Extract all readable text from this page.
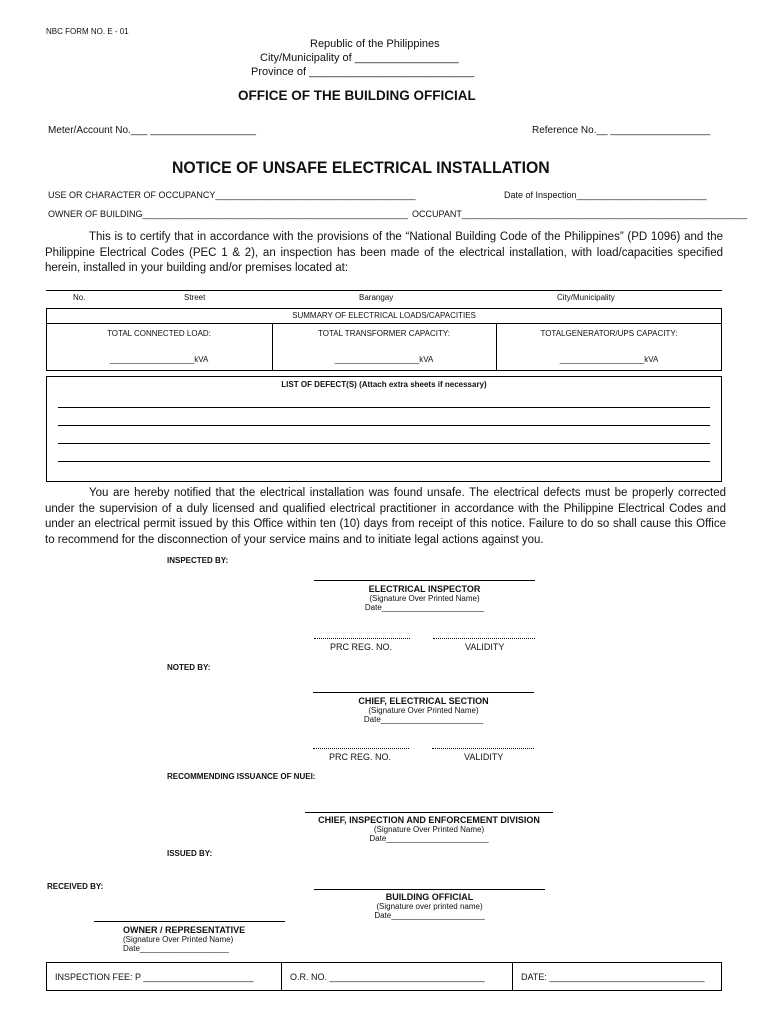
NBC FORM NO. E - 01
Republic of the Philippines
City/Municipality of _________________
Province of ___________________________
OFFICE OF THE BUILDING OFFICIAL
Meter/Account No.___ ___________________	Reference No.__ __________________
NOTICE OF UNSAFE ELECTRICAL INSTALLATION
USE OR CHARACTER OF OCCUPANCY________________________________________	Date of Inspection__________________________
OWNER OF BUILDING_____________________________________________________ OCCUPANT_________________________________________________________
This is to certify that in accordance with the provisions of the “National Building Code of the Philippines” (PD 1096) and the Philippine Electrical Codes (PEC 1 & 2), an inspection has been made of the electrical installation, with load/capacities specified herein, installed in your building and/or premises located at:
No.	Street	Barangay	City/Municipality
SUMMARY OF ELECTRICAL LOADS/CAPACITIES
TOTAL CONNECTED LOAD:	TOTAL TRANSFORMER CAPACITY:	TOTALGENERATOR/UPS CAPACITY:
___________________kVA	___________________kVA	___________________kVA
LIST OF DEFECT(S) (Attach extra sheets if necessary)
You are hereby notified that the electrical installation was found unsafe. The electrical defects must be properly corrected under the supervision of a duly licensed and qualified electrical practitioner in accordance with the Philippine Electrical Codes and under an electrical permit issued by this Office within ten (10) days from receipt of this notice. Failure to do so shall cause this Office to recommend for the disconnection of your service mains and to initiate legal actions against you.
INSPECTED BY:
ELECTRICAL INSPECTOR
(Signature Over Printed Name)
Date_______________________
PRC REG. NO.	VALIDITY
NOTED BY:
CHIEF, ELECTRICAL SECTION
(Signature Over Printed Name)
Date_______________________
PRC REG. NO.	VALIDITY
RECOMMENDING ISSUANCE OF NUEI:
CHIEF, INSPECTION AND ENFORCEMENT DIVISION
(Signature Over Printed Name)
Date_______________________
ISSUED BY:
RECEIVED BY:
BUILDING OFFICIAL
(Signature over printed name)
Date_____________________
OWNER / REPRESENTATIVE
(Signature Over Printed Name)
Date____________________
INSPECTION FEE: P ______________________	O.R. NO. _______________________________	DATE: _______________________________
